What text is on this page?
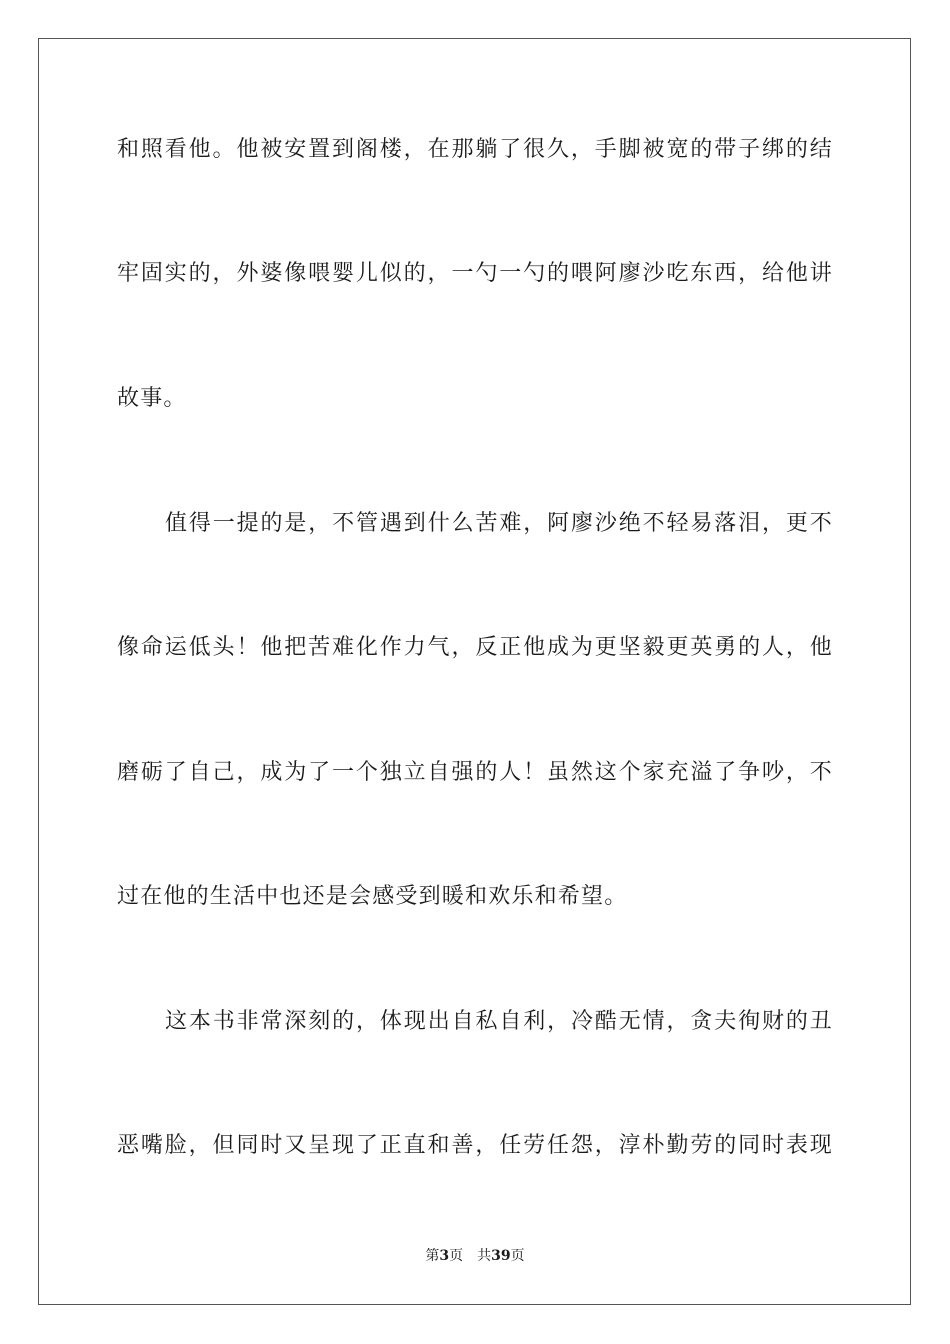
和照看他。他被安置到阁楼，在那躺了很久，手脚被宽的带子绑的结
牢固实的，外婆像喂婴儿似的，一勺一勺的喂阿廖沙吃东西，给他讲
故事。
值得一提的是，不管遇到什么苦难，阿廖沙绝不轻易落泪，更不
像命运低头！他把苦难化作力气，反正他成为更坚毅更英勇的人，他
磨砺了自己，成为了一个独立自强的人！虽然这个家充溢了争吵，不
过在他的生活中也还是会感受到暖和欢乐和希望。
这本书非常深刻的，体现出自私自利，冷酷无情，贪夫徇财的丑
恶嘴脸，但同时又呈现了正直和善，任劳任怨，淳朴勤劳的同时表现
第3页 共39页
